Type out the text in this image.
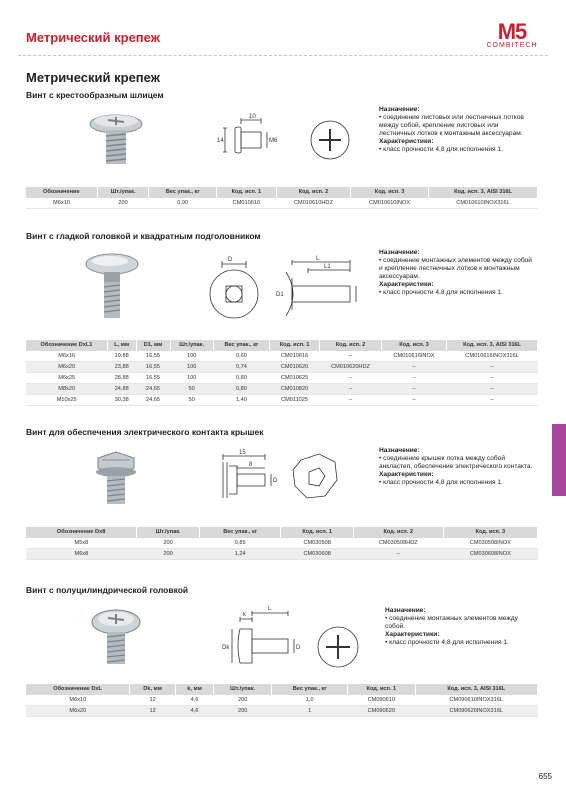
Метрический крепеж	M5
COMBITECH
Метрический крепеж
Винт с крестообразным шлицем
10
14	M6
Назначение:
• соединение листовых или лестничных лотков между собой, крепление листовых или лестничных лотков к монтажным аксессуарам.
Характеристики:
• класс прочности 4,8 для исполнения 1.
Обозначение	Шт./упак.	Вес упак., кг	Код. исп. 1	Код. исп. 2	Код. исп. 3	Код. исп. 3, AISI 316L
M6x10	200	0,90	CM010610	CM010610HDZ	CM010610INOX	CM010610INOX316L
Винт с гладкой головкой и квадратным подголовником
D	L
L1
D1
Назначение:
• соединение монтажных элементов между собой и крепление лестничных лотков к монтажным аксессуарам.
Характеристики:
• класс прочности 4,8 для исполнения 1.
Обозначение DxL1	L, мм	D1, мм	Шт./упак.	Вес упак., кг	Код. исп. 1	Код. исп. 2	Код. исп. 3	Код. исп. 3, AISI 316L
M6x16	19,88	16,55	100	0,60	CM010616	–	CM010616INOX	CM010616INOX316L
M6x20	23,88	16,55	100	0,74	CM010620	CM010620HDZ	–	–
M6x25	28,88	16,55	100	0,80	CM010625	–	–	–
M8x20	24,88	24,65	50	0,80	CM010820	–	–	–
M10x25	30,38	24,65	50	1,40	CM011025	–	–	–
Винт для обеспечения электрического контакта крышек
15
8
D
Назначение:
• соединение крышек лотка между собой анкластеп, обеспечение электрического контакта.
Характеристики:
• класс прочности 4,8 для исполнения 1.
Обозначение Dx8	Шт./упак.	Вес упак., кг	Код. исп. 1	Код. исп. 2	Код. исп. 3
M5x8	200	0,85	CM030508	CM030508HDZ	CM030508INOX
M6x8	200	1,24	CM030608	–	CM030608INOX
Винт с полуцилиндрической головкой
k
L
Dk	D
Назначение:
• соединение монтажных элементов между собой.
Характеристики:
• класс прочности 4,8 для исполнения 1.
Обозначение DxL	Dk, мм	k, мм	Шт./упак.	Вес упак., кг	Код. исп. 1	Код. исп. 3, AISI 316L
M6x10	12	4,6	200	1,0	CM090610	CM090610INOX316L
M6x20	12	4,6	200	1	CM090620	CM090620INOX316L
655
